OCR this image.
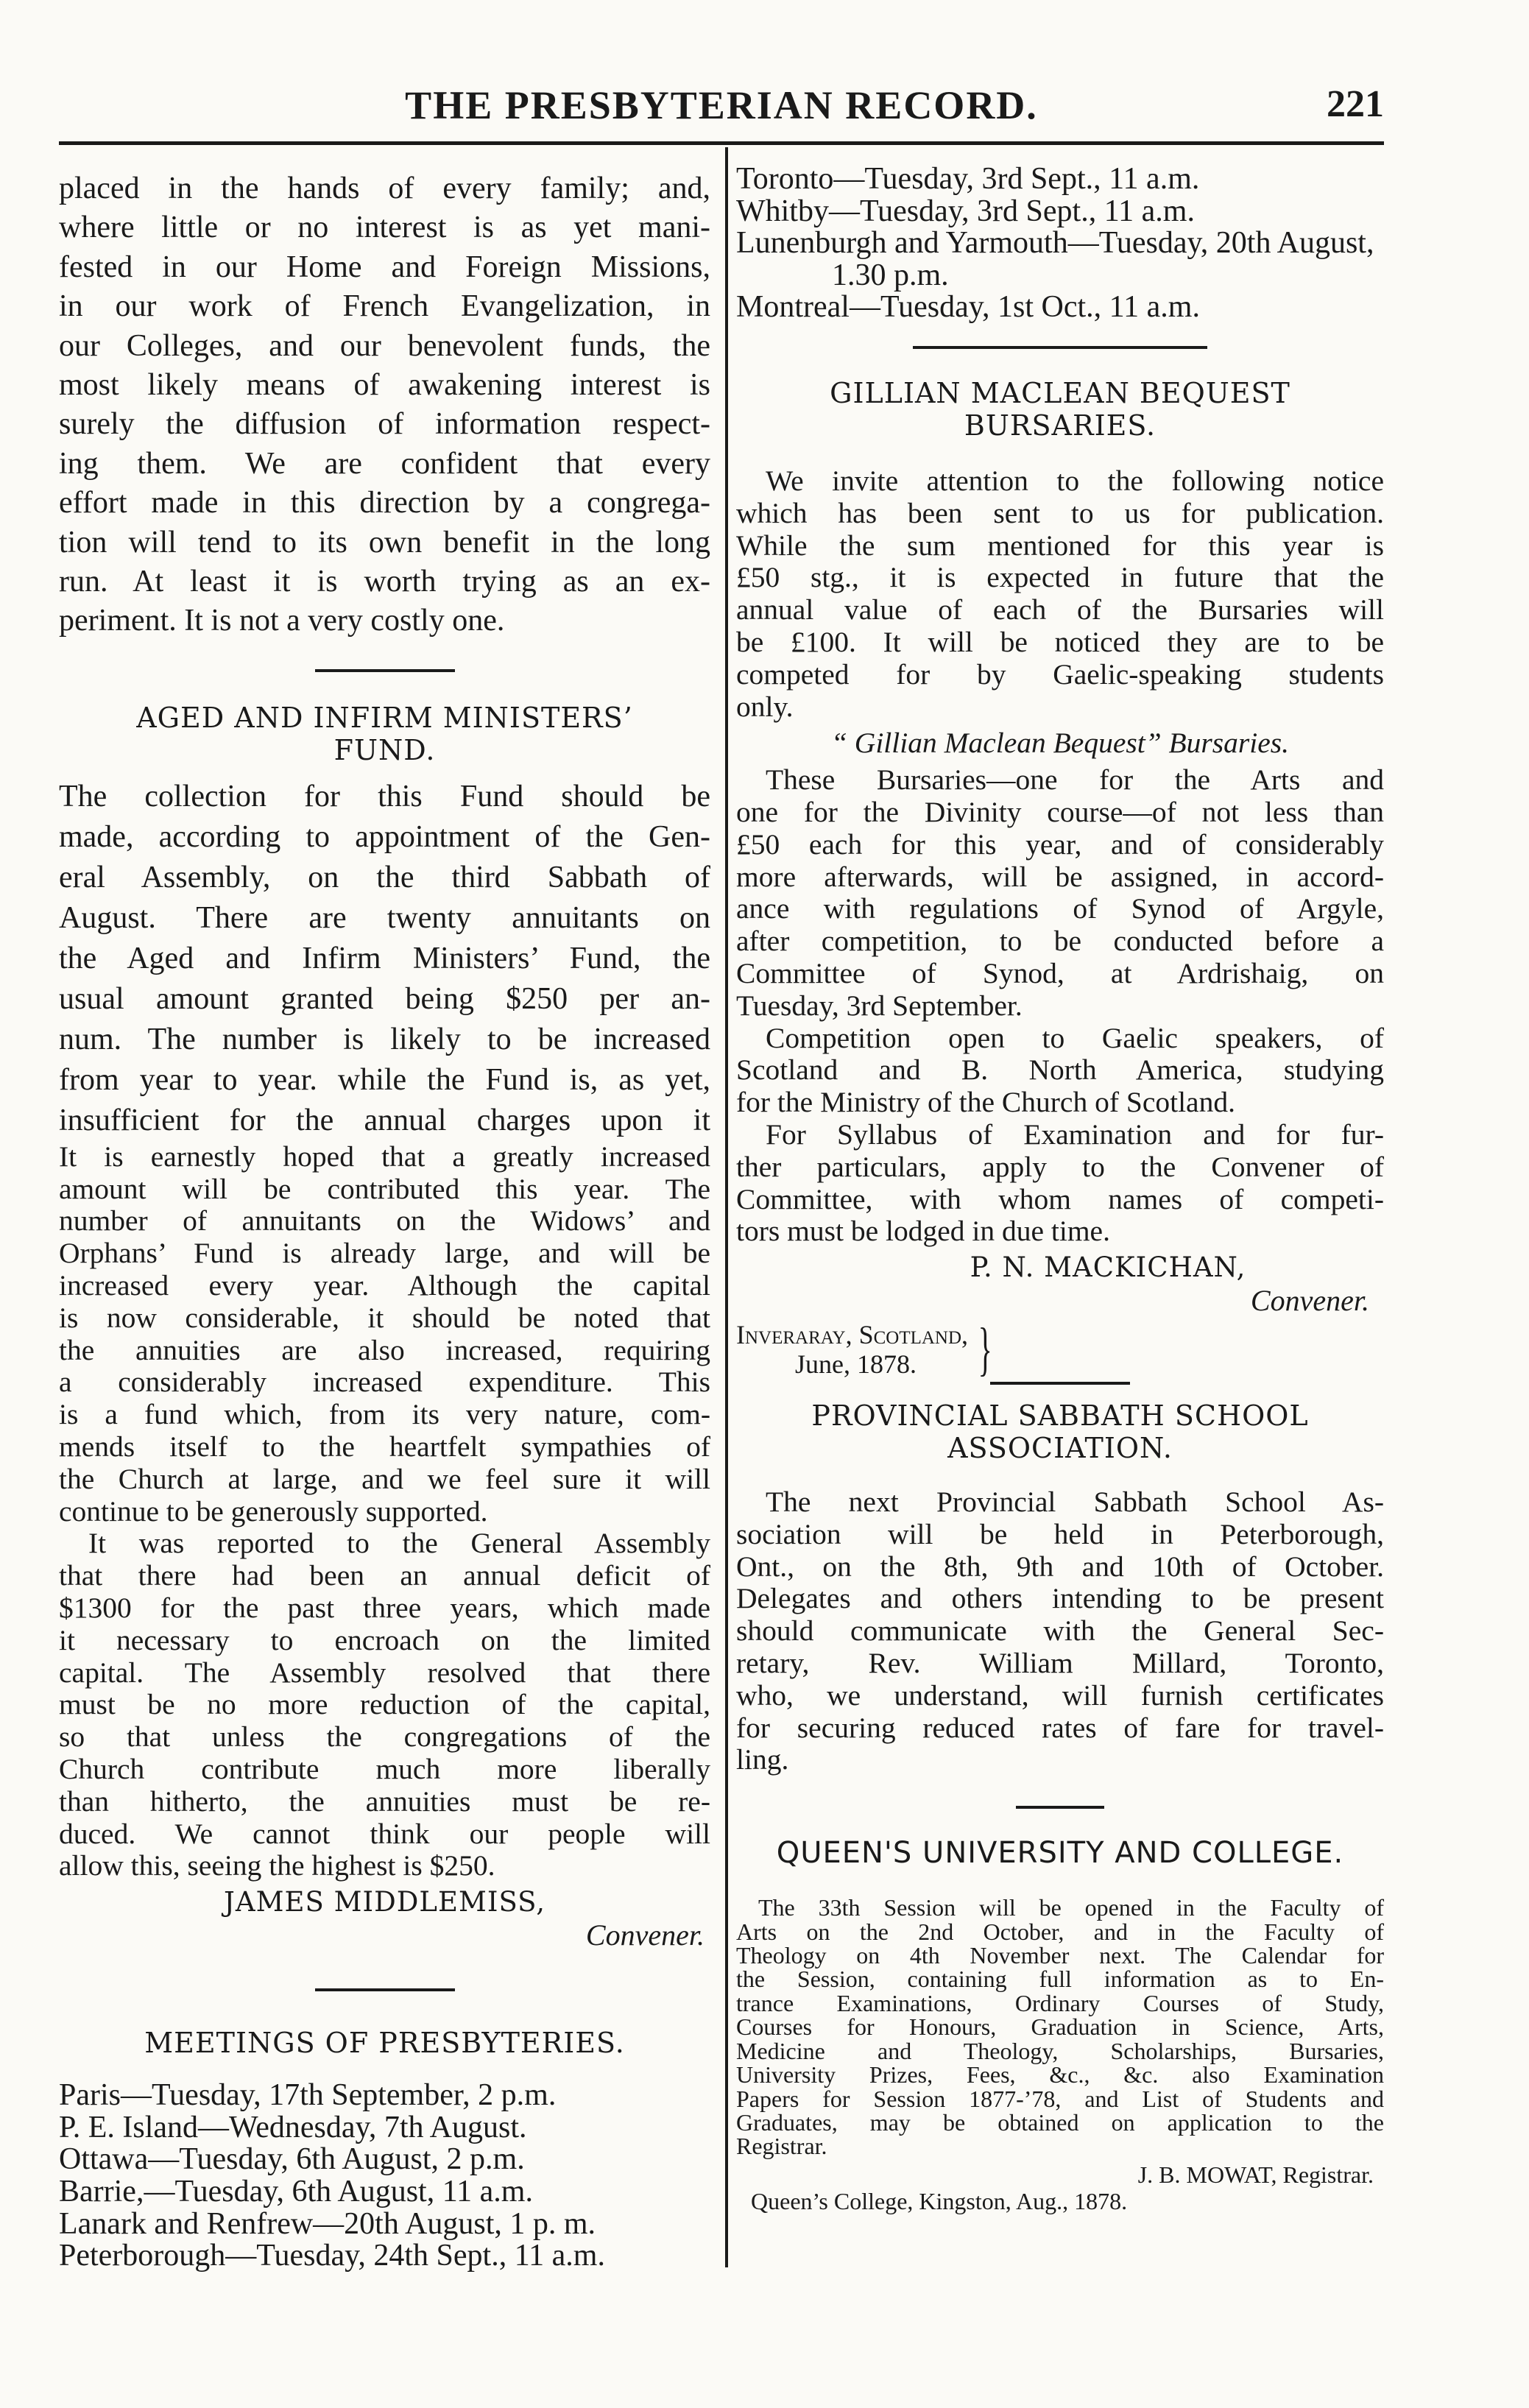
THE PRESBYTERIAN RECORD.	221
placed in the hands of every family; and,
where little or no interest is as yet mani-
fested in our Home and Foreign Missions,
in our work of French Evangelization, in
our Colleges, and our benevolent funds, the
most likely means of awakening interest is
surely the diffusion of information respect-
ing them. We are confident that every
effort made in this direction by a congrega-
tion will tend to its own benefit in the long
run. At least it is worth trying as an ex-
periment. It is not a very costly one.
AGED AND INFIRM MINISTERS’
FUND.
The collection for this Fund should be
made, according to appointment of the Gen-
eral Assembly, on the third Sabbath of
August. There are twenty annuitants on
the Aged and Infirm Ministers’ Fund, the
usual amount granted being $250 per an-
num. The number is likely to be increased
from year to year. while the Fund is, as yet,
insufficient for the annual charges upon it
It is earnestly hoped that a greatly increased
amount will be contributed this year. The
number of annuitants on the Widows’ and
Orphans’ Fund is already large, and will be
increased every year. Although the capital
is now considerable, it should be noted that
the annuities are also increased, requiring
a considerably increased expenditure. This
is a fund which, from its very nature, com-
mends itself to the heartfelt sympathies of
the Church at large, and we feel sure it will
continue to be generously supported.
It was reported to the General Assembly
that there had been an annual deficit of
$1300 for the past three years, which made
it necessary to encroach on the limited
capital. The Assembly resolved that there
must be no more reduction of the capital,
so that unless the congregations of the
Church contribute much more liberally
than hitherto, the annuities must be re-
duced. We cannot think our people will
allow this, seeing the highest is $250.
JAMES MIDDLEMISS,
Convener.
MEETINGS OF PRESBYTERIES.
Paris—Tuesday, 17th September, 2 p.m.
P. E. Island—Wednesday, 7th August.
Ottawa—Tuesday, 6th August, 2 p.m.
Barrie,—Tuesday, 6th August, 11 a.m.
Lanark and Renfrew—20th August, 1 p. m.
Peterborough—Tuesday, 24th Sept., 11 a.m.
Toronto—Tuesday, 3rd Sept., 11 a.m.
Whitby—Tuesday, 3rd Sept., 11 a.m.
Lunenburgh and Yarmouth—Tuesday, 20th August, 1.30 p.m.
Montreal—Tuesday, 1st Oct., 11 a.m.
GILLIAN MACLEAN BEQUEST
BURSARIES.
We invite attention to the following notice
which has been sent to us for publication.
While the sum mentioned for this year is
£50 stg., it is expected in future that the
annual value of each of the Bursaries will
be £100. It will be noticed they are to be
competed for by Gaelic-speaking students
only.
“ Gillian Maclean Bequest” Bursaries.
These Bursaries—one for the Arts and
one for the Divinity course—of not less than
£50 each for this year, and of considerably
more afterwards, will be assigned, in accord-
ance with regulations of Synod of Argyle,
after competition, to be conducted before a
Committee of Synod, at Ardrishaig, on
Tuesday, 3rd September.
Competition open to Gaelic speakers, of
Scotland and B. North America, studying
for the Ministry of the Church of Scotland.
For Syllabus of Examination and for fur-
ther particulars, apply to the Convener of
Committee, with whom names of competi-
tors must be lodged in due time.
P. N. MACKICHAN,
Convener.
Inveraray, Scotland,
June, 1878.	}
PROVINCIAL SABBATH SCHOOL
ASSOCIATION.
The next Provincial Sabbath School As-
sociation will be held in Peterborough,
Ont., on the 8th, 9th and 10th of October.
Delegates and others intending to be present
should communicate with the General Sec-
retary, Rev. William Millard, Toronto,
who, we understand, will furnish certificates
for securing reduced rates of fare for travel-
ling.
QUEEN'S UNIVERSITY AND COLLEGE.
The 33th Session will be opened in the Faculty of
Arts on the 2nd October, and in the Faculty of
Theology on 4th November next. The Calendar for
the Session, containing full information as to En-
trance Examinations, Ordinary Courses of Study,
Courses for Honours, Graduation in Science, Arts,
Medicine and Theology, Scholarships, Bursaries,
University Prizes, Fees, &c., &c. also Examination
Papers for Session 1877-’78, and List of Students and
Graduates, may be obtained on application to the
Registrar.
J. B. MOWAT, Registrar.
Queen’s College, Kingston, Aug., 1878.
